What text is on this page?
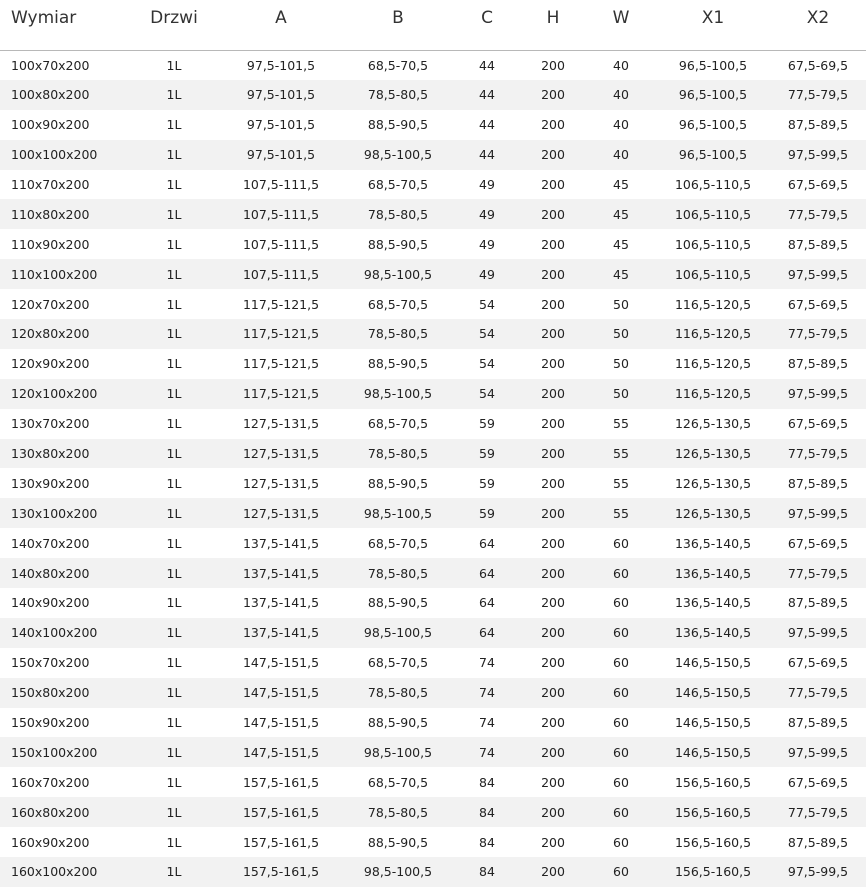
Wymiar	Drzwi	A	B	C	H	W	X1	X2
100x70x200	1L	97,5-101,5	68,5-70,5	44	200	40	96,5-100,5	67,5-69,5
100x80x200	1L	97,5-101,5	78,5-80,5	44	200	40	96,5-100,5	77,5-79,5
100x90x200	1L	97,5-101,5	88,5-90,5	44	200	40	96,5-100,5	87,5-89,5
100x100x200	1L	97,5-101,5	98,5-100,5	44	200	40	96,5-100,5	97,5-99,5
110x70x200	1L	107,5-111,5	68,5-70,5	49	200	45	106,5-110,5	67,5-69,5
110x80x200	1L	107,5-111,5	78,5-80,5	49	200	45	106,5-110,5	77,5-79,5
110x90x200	1L	107,5-111,5	88,5-90,5	49	200	45	106,5-110,5	87,5-89,5
110x100x200	1L	107,5-111,5	98,5-100,5	49	200	45	106,5-110,5	97,5-99,5
120x70x200	1L	117,5-121,5	68,5-70,5	54	200	50	116,5-120,5	67,5-69,5
120x80x200	1L	117,5-121,5	78,5-80,5	54	200	50	116,5-120,5	77,5-79,5
120x90x200	1L	117,5-121,5	88,5-90,5	54	200	50	116,5-120,5	87,5-89,5
120x100x200	1L	117,5-121,5	98,5-100,5	54	200	50	116,5-120,5	97,5-99,5
130x70x200	1L	127,5-131,5	68,5-70,5	59	200	55	126,5-130,5	67,5-69,5
130x80x200	1L	127,5-131,5	78,5-80,5	59	200	55	126,5-130,5	77,5-79,5
130x90x200	1L	127,5-131,5	88,5-90,5	59	200	55	126,5-130,5	87,5-89,5
130x100x200	1L	127,5-131,5	98,5-100,5	59	200	55	126,5-130,5	97,5-99,5
140x70x200	1L	137,5-141,5	68,5-70,5	64	200	60	136,5-140,5	67,5-69,5
140x80x200	1L	137,5-141,5	78,5-80,5	64	200	60	136,5-140,5	77,5-79,5
140x90x200	1L	137,5-141,5	88,5-90,5	64	200	60	136,5-140,5	87,5-89,5
140x100x200	1L	137,5-141,5	98,5-100,5	64	200	60	136,5-140,5	97,5-99,5
150x70x200	1L	147,5-151,5	68,5-70,5	74	200	60	146,5-150,5	67,5-69,5
150x80x200	1L	147,5-151,5	78,5-80,5	74	200	60	146,5-150,5	77,5-79,5
150x90x200	1L	147,5-151,5	88,5-90,5	74	200	60	146,5-150,5	87,5-89,5
150x100x200	1L	147,5-151,5	98,5-100,5	74	200	60	146,5-150,5	97,5-99,5
160x70x200	1L	157,5-161,5	68,5-70,5	84	200	60	156,5-160,5	67,5-69,5
160x80x200	1L	157,5-161,5	78,5-80,5	84	200	60	156,5-160,5	77,5-79,5
160x90x200	1L	157,5-161,5	88,5-90,5	84	200	60	156,5-160,5	87,5-89,5
160x100x200	1L	157,5-161,5	98,5-100,5	84	200	60	156,5-160,5	97,5-99,5
